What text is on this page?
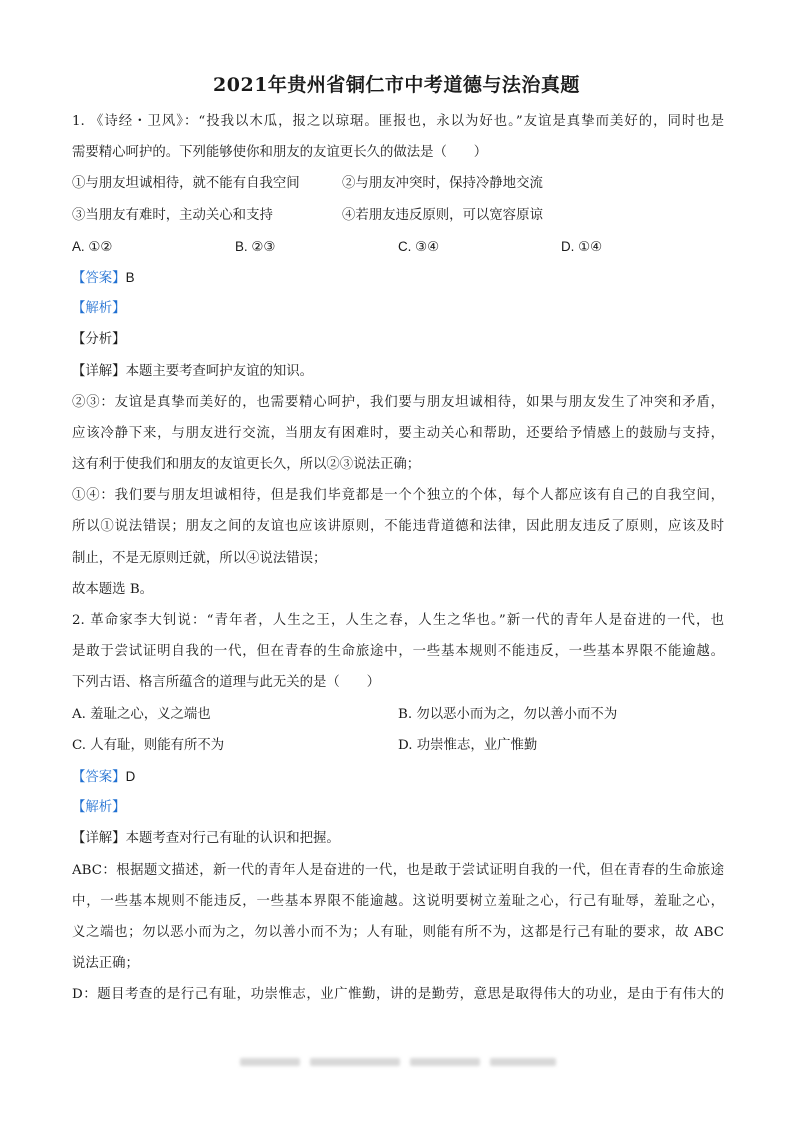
2021年贵州省铜仁市中考道德与法治真题
1. 《诗经・卫风》：“投我以木瓜，报之以琼琚。匪报也，永以为好也。”友谊是真挚而美好的，同时也是
需要精心呵护的。下列能够使你和朋友的友谊更长久的做法是（　　）
①与朋友坦诚相待，就不能有自我空间	②与朋友冲突时，保持冷静地交流
③当朋友有难时，主动关心和支持	④若朋友违反原则，可以宽容原谅
A. ①②	B. ②③	C. ③④	D. ①④
【答案】B
【解析】
【分析】
【详解】本题主要考查呵护友谊的知识。
②③：友谊是真挚而美好的，也需要精心呵护，我们要与朋友坦诚相待，如果与朋友发生了冲突和矛盾，
应该冷静下来，与朋友进行交流，当朋友有困难时，要主动关心和帮助，还要给予情感上的鼓励与支持，
这有利于使我们和朋友的友谊更长久，所以②③说法正确；
①④：我们要与朋友坦诚相待，但是我们毕竟都是一个个独立的个体，每个人都应该有自己的自我空间，
所以①说法错误；朋友之间的友谊也应该讲原则，不能违背道德和法律，因此朋友违反了原则，应该及时
制止，不是无原则迁就，所以④说法错误；
故本题选 B。
2. 革命家李大钊说：“青年者，人生之王，人生之春，人生之华也。”新一代的青年人是奋进的一代，也
是敢于尝试证明自我的一代，但在青春的生命旅途中，一些基本规则不能违反，一些基本界限不能逾越。
下列古语、格言所蕴含的道理与此无关的是（　　）
A. 羞耻之心，义之端也	B. 勿以恶小而为之，勿以善小而不为
C. 人有耻，则能有所不为	D. 功崇惟志，业广惟勤
【答案】D
【解析】
【详解】本题考查对行己有耻的认识和把握。
ABC：根据题文描述，新一代的青年人是奋进的一代，也是敢于尝试证明自我的一代，但在青春的生命旅途
中，一些基本规则不能违反，一些基本界限不能逾越。这说明要树立羞耻之心，行己有耻辱，羞耻之心，
义之端也；勿以恶小而为之，勿以善小而不为；人有耻，则能有所不为，这都是行己有耻的要求，故 ABC
说法正确；
D：题目考查的是行己有耻，功崇惟志，业广惟勤，讲的是勤劳，意思是取得伟大的功业，是由于有伟大的
